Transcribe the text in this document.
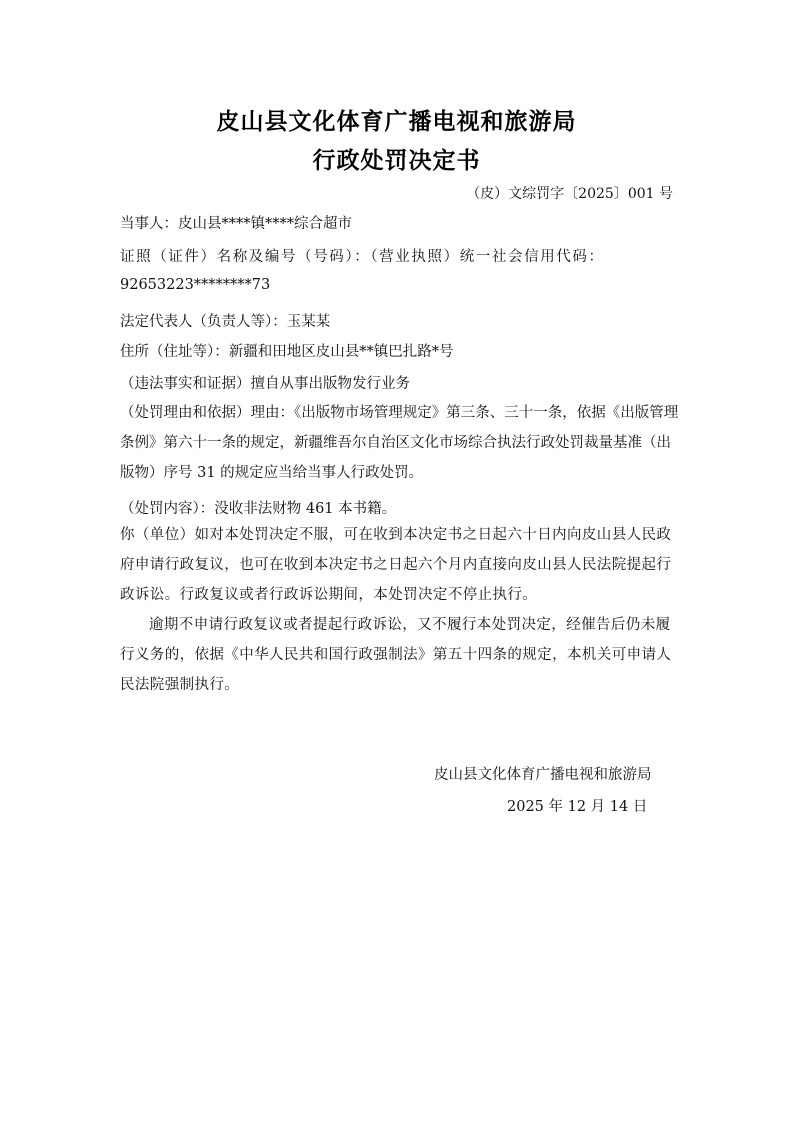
皮山县文化体育广播电视和旅游局
行政处罚决定书
（皮）文综罚字〔2025〕001 号
当事人：皮山县****镇****综合超市
证照（证件）名称及编号（号码）：（营业执照）统一社会信用代码：
92653223********73
法定代表人（负责人等）：玉某某
住所（住址等）：新疆和田地区皮山县**镇巴扎路*号
（违法事实和证据）擅自从事出版物发行业务

（处罚理由和依据）理由：《出版物市场管理规定》第三条、三十一条，依据《出版管理条例》第六十一条的规定，新疆维吾尔自治区文化市场综合执法行政处罚裁量基准（出版物）序号 31 的规定应当给当事人行政处罚。

（处罚内容）：没收非法财物 461 本书籍。

你（单位）如对本处罚决定不服，可在收到本决定书之日起六十日内向皮山县人民政府申请行政复议，也可在收到本决定书之日起六个月内直接向皮山县人民法院提起行政诉讼。行政复议或者行政诉讼期间，本处罚决定不停止执行。

逾期不申请行政复议或者提起行政诉讼，又不履行本处罚决定，经催告后仍未履行义务的，依据《中华人民共和国行政强制法》第五十四条的规定，本机关可申请人民法院强制执行。

皮山县文化体育广播电视和旅游局
2025 年 12 月 14 日
